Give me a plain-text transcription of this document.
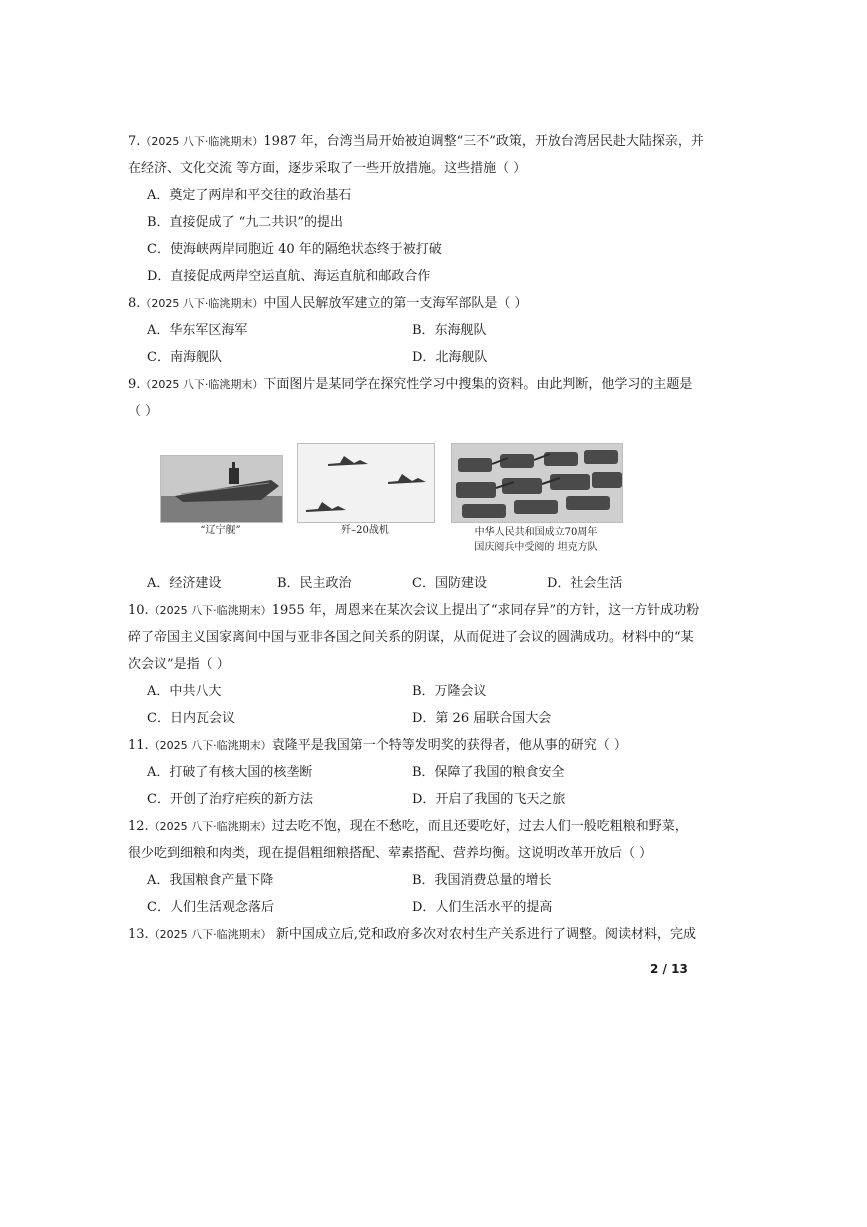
7.（2025 八下·临洮期末）1987 年，台湾当局开始被迫调整“三不”政策，开放台湾居民赴大陆探亲，并
在经济、文化交流 等方面，逐步采取了一些开放措施。这些措施（ ）
A．奠定了两岸和平交往的政治基石
B．直接促成了 “九二共识”的提出
C．使海峡两岸同胞近 40 年的隔绝状态终于被打破
D．直接促成两岸空运直航、海运直航和邮政合作
8.（2025 八下·临洮期末）中国人民解放军建立的第一支海军部队是（ ）
A．华东军区海军	B．东海舰队
C．南海舰队	D．北海舰队
9.（2025 八下·临洮期末）下面图片是某同学在探究性学习中搜集的资料。由此判断，他学习的主题是
（ ）
“辽宁舰”	歼–20战机	中华人民共和国成立70周年
国庆阅兵中受阅的 坦克方队
A．经济建设	B．民主政治	C．国防建设	D．社会生活
10.（2025 八下·临洮期末）1955 年，周恩来在某次会议上提出了“求同存异”的方针，这一方针成功粉
碎了帝国主义国家离间中国与亚非各国之间关系的阴谋，从而促进了会议的圆满成功。材料中的“某
次会议”是指（ ）
A．中共八大	B．万隆会议
C．日内瓦会议	D．第 26 届联合国大会
11.（2025 八下·临洮期末）袁隆平是我国第一个特等发明奖的获得者，他从事的研究（ ）
A．打破了有核大国的核垄断	B．保障了我国的粮食安全
C．开创了治疗疟疾的新方法	D．开启了我国的飞天之旅
12.（2025 八下·临洮期末）过去吃不饱，现在不愁吃，而且还要吃好，过去人们一般吃粗粮和野菜，
很少吃到细粮和肉类，现在提倡粗细粮搭配、荤素搭配、营养均衡。这说明改革开放后（ ）
A．我国粮食产量下降	B．我国消费总量的增长
C．人们生活观念落后	D．人们生活水平的提高
13.（2025 八下·临洮期末） 新中国成立后,党和政府多次对农村生产关系进行了调整。阅读材料，完成
2 / 13
